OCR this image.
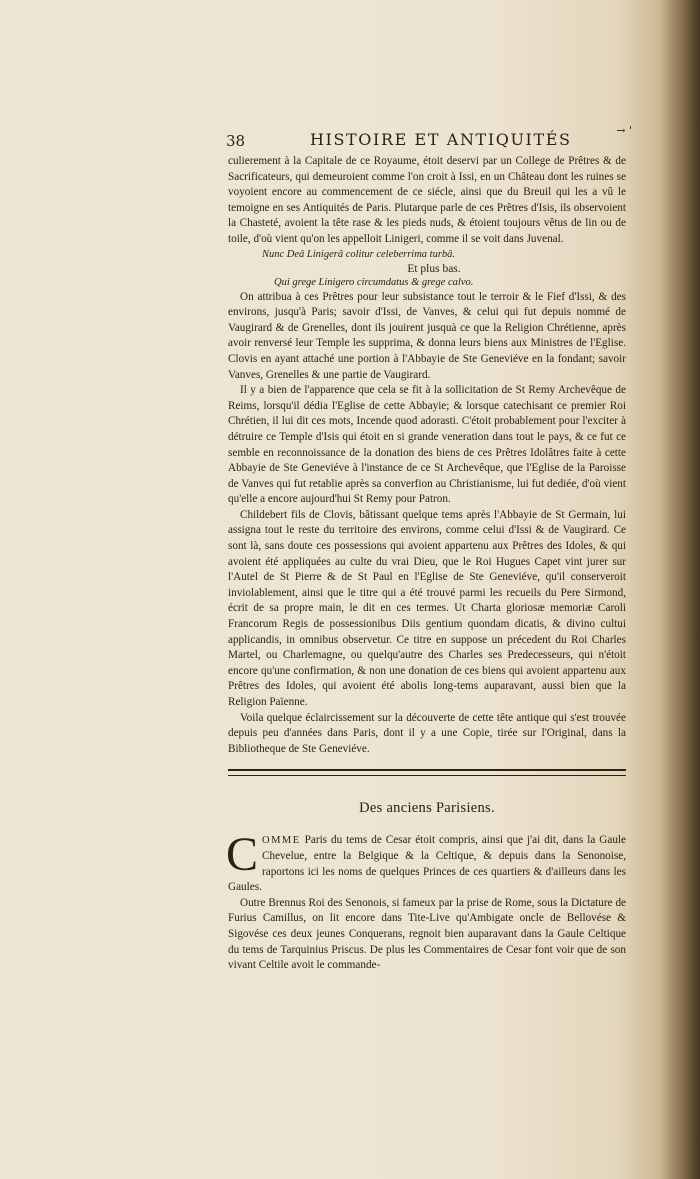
38	HISTOIRE ET ANTIQUITÉS	→ '

culierement à la Capitale de ce Royaume, étoit deservi par un College de Prêtres & de Sacrificateurs, qui demeuroient comme l'on croit à Issi, en un Château dont les ruines se voyoient encore au commencement de ce siécle, ainsi que du Breuil qui les a vû le temoigne en ses Antiquités de Paris. Plutarque parle de ces Prêtres d'Isis, ils observoient la Chasteté, avoient la tête rase & les pieds nuds, & étoient toujours vêtus de lin ou de toile, d'où vient qu'on les appelloit Linigeri, comme il se voit dans Juvenal.

Nunc Deâ Linigerâ colitur celeberrima turbâ.

Et plus bas.

Qui grege Linigero circumdatus & grege calvo.

On attribua à ces Prêtres pour leur subsistance tout le terroir & le Fief d'Issi, & des environs, jusqu'à Paris; savoir d'Issi, de Vanves, & celui qui fut depuis nommé de Vaugirard & de Grenelles, dont ils jouirent jusquà ce que la Religion Chrétienne, après avoir renversé leur Temple les supprima, & donna leurs biens aux Ministres de l'Eglise. Clovis en ayant attaché une portion à l'Abbayie de Ste Geneviéve en la fondant; savoir Vanves, Grenelles & une partie de Vaugirard.

Il y a bien de l'apparence que cela se fit à la sollicitation de St Remy Archevêque de Reims, lorsqu'il dédia l'Eglise de cette Abbayie; & lorsque catechisant ce premier Roi Chrétien, il lui dit ces mots, Incende quod adorasti. C'étoit probablement pour l'exciter à détruire ce Temple d'Isis qui étoit en si grande veneration dans tout le pays, & ce fut ce semble en reconnoissance de la donation des biens de ces Prêtres Idolâtres faite à cette Abbayie de Ste Geneviéve à l'instance de ce St Archevêque, que l'Eglise de la Paroisse de Vanves qui fut retablie après sa converfion au Christianisme, lui fut dediée, d'où vient qu'elle a encore aujourd'hui St Remy pour Patron.

Childebert fils de Clovis, bâtissant quelque tems après l'Abbayie de St Germain, lui assigna tout le reste du territoire des environs, comme celui d'Issi & de Vaugirard. Ce sont là, sans doute ces possessions qui avoient appartenu aux Prêtres des Idoles, & qui avoient été appliquées au culte du vrai Dieu, que le Roi Hugues Capet vint jurer sur l'Autel de St Pierre & de St Paul en l'Eglise de Ste Geneviéve, qu'il conserveroit inviolablement, ainsi que le titre qui a été trouvé parmi les recueils du Pere Sirmond, écrit de sa propre main, le dit en ces termes. Ut Charta gloriosæ memoriæ Caroli Francorum Regis de possessionibus Diis gentium quondam dicatis, & divino cultui applicandis, in omnibus observetur. Ce titre en suppose un précedent du Roi Charles Martel, ou Charlemagne, ou quelqu'autre des Charles ses Predecesseurs, qui n'étoit encore qu'une confirmation, & non une donation de ces biens qui avoient appartenu aux Prêtres des Idoles, qui avoient été abolis long-tems auparavant, aussi bien que la Religion Païenne.

Voila quelque éclaircissement sur la découverte de cette tête antique qui s'est trouvée depuis peu d'années dans Paris, dont il y a une Copie, tirée sur l'Original, dans la Bibliotheque de Ste Geneviéve.

Des anciens Parisiens.
C OMME Paris du tems de Cesar étoit compris, ainsi que j'ai dit, dans la Gaule Chevelue, entre la Belgique & la Celtique, & depuis dans la Senonoise, raportons ici les noms de quelques Princes de ces quartiers & d'ailleurs dans les Gaules.

Outre Brennus Roi des Senonois, si fameux par la prise de Rome, sous la Dictature de Furius Camillus, on lit encore dans Tite-Live qu'Ambigate oncle de Bellovése & Sigovése ces deux jeunes Conquerans, regnoit bien auparavant dans la Gaule Celtique du tems de Tarquinius Priscus. De plus les Commentaires de Cesar font voir que de son vivant Celtile avoit le commande-
